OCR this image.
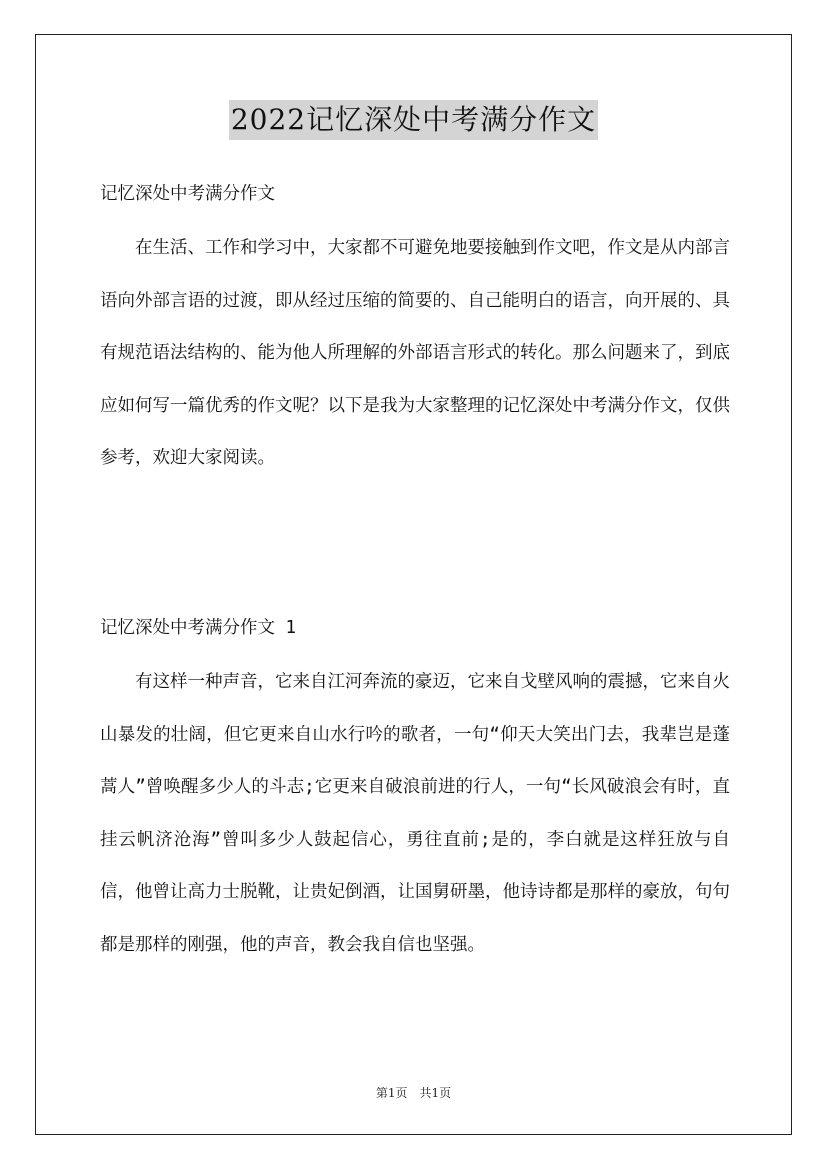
2022记忆深处中考满分作文

记忆深处中考满分作文

在生活、工作和学习中，大家都不可避免地要接触到作文吧，作文是从内部言语向外部言语的过渡，即从经过压缩的简要的、自己能明白的语言，向开展的、具有规范语法结构的、能为他人所理解的外部语言形式的转化。那么问题来了，到底应如何写一篇优秀的作文呢？以下是我为大家整理的记忆深处中考满分作文，仅供参考，欢迎大家阅读。

记忆深处中考满分作文 1

有这样一种声音，它来自江河奔流的豪迈，它来自戈壁风响的震撼，它来自火山暴发的壮阔，但它更来自山水行吟的歌者，一句“仰天大笑出门去，我辈岂是蓬蒿人”曾唤醒多少人的斗志;它更来自破浪前进的行人，一句“长风破浪会有时，直挂云帆济沧海”曾叫多少人鼓起信心，勇往直前;是的，李白就是这样狂放与自信，他曾让高力士脱靴，让贵妃倒酒，让国舅研墨，他诗诗都是那样的豪放，句句都是那样的刚强，他的声音，教会我自信也坚强。

第1页　共1页
